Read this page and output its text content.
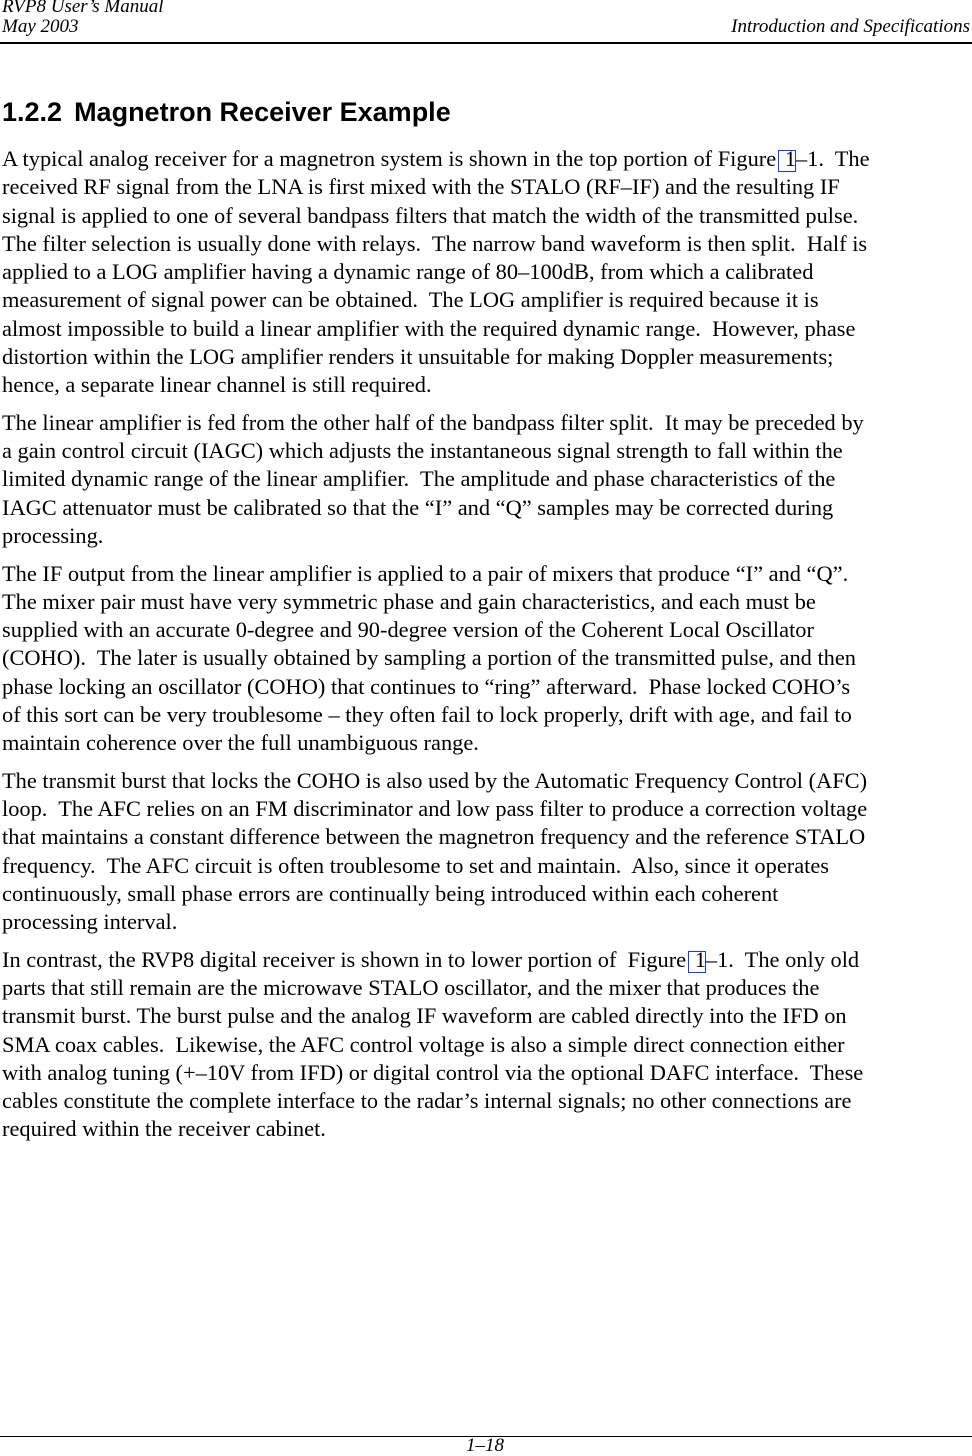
RVP8 User’s Manual
May 2003	Introduction and Specifications
1.2.2 Magnetron Receiver Example

A typical analog receiver for a magnetron system is shown in the top portion of Figure 1–1.  The
received RF signal from the LNA is first mixed with the STALO (RF–IF) and the resulting IF
signal is applied to one of several bandpass filters that match the width of the transmitted pulse.
The filter selection is usually done with relays.  The narrow band waveform is then split.  Half is
applied to a LOG amplifier having a dynamic range of 80–100dB, from which a calibrated
measurement of signal power can be obtained.  The LOG amplifier is required because it is
almost impossible to build a linear amplifier with the required dynamic range.  However, phase
distortion within the LOG amplifier renders it unsuitable for making Doppler measurements;
hence, a separate linear channel is still required.

The linear amplifier is fed from the other half of the bandpass filter split.  It may be preceded by
a gain control circuit (IAGC) which adjusts the instantaneous signal strength to fall within the
limited dynamic range of the linear amplifier.  The amplitude and phase characteristics of the
IAGC attenuator must be calibrated so that the “I” and “Q” samples may be corrected during
processing.

The IF output from the linear amplifier is applied to a pair of mixers that produce “I” and “Q”.
The mixer pair must have very symmetric phase and gain characteristics, and each must be
supplied with an accurate 0-degree and 90-degree version of the Coherent Local Oscillator
(COHO).  The later is usually obtained by sampling a portion of the transmitted pulse, and then
phase locking an oscillator (COHO) that continues to “ring” afterward.  Phase locked COHO’s
of this sort can be very troublesome – they often fail to lock properly, drift with age, and fail to
maintain coherence over the full unambiguous range.

The transmit burst that locks the COHO is also used by the Automatic Frequency Control (AFC)
loop.  The AFC relies on an FM discriminator and low pass filter to produce a correction voltage
that maintains a constant difference between the magnetron frequency and the reference STALO
frequency.  The AFC circuit is often troublesome to set and maintain.  Also, since it operates
continuously, small phase errors are continually being introduced within each coherent
processing interval.

In contrast, the RVP8 digital receiver is shown in to lower portion of  Figure 1–1.  The only old
parts that still remain are the microwave STALO oscillator, and the mixer that produces the
transmit burst. The burst pulse and the analog IF waveform are cabled directly into the IFD on
SMA coax cables.  Likewise, the AFC control voltage is also a simple direct connection either
with analog tuning (+–10V from IFD) or digital control via the optional DAFC interface.  These
cables constitute the complete interface to the radar’s internal signals; no other connections are
required within the receiver cabinet.

1–18
